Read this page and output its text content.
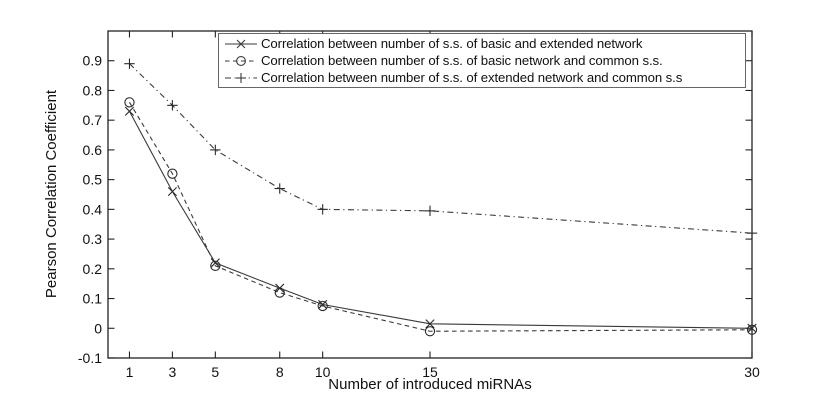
1	3	5	8 10	15	30
-0.1
0
0.1
0.2
0.3
0.4
0.5
0.6
0.7
0.8
0.9
Number of introduced miRNAs
Pearson Correlation Coefficient
Correlation between number of s.s. of basic and extended network
Correlation between number of s.s. of basic network and common s.s.
Correlation between number of s.s. of extended network and common s.s
